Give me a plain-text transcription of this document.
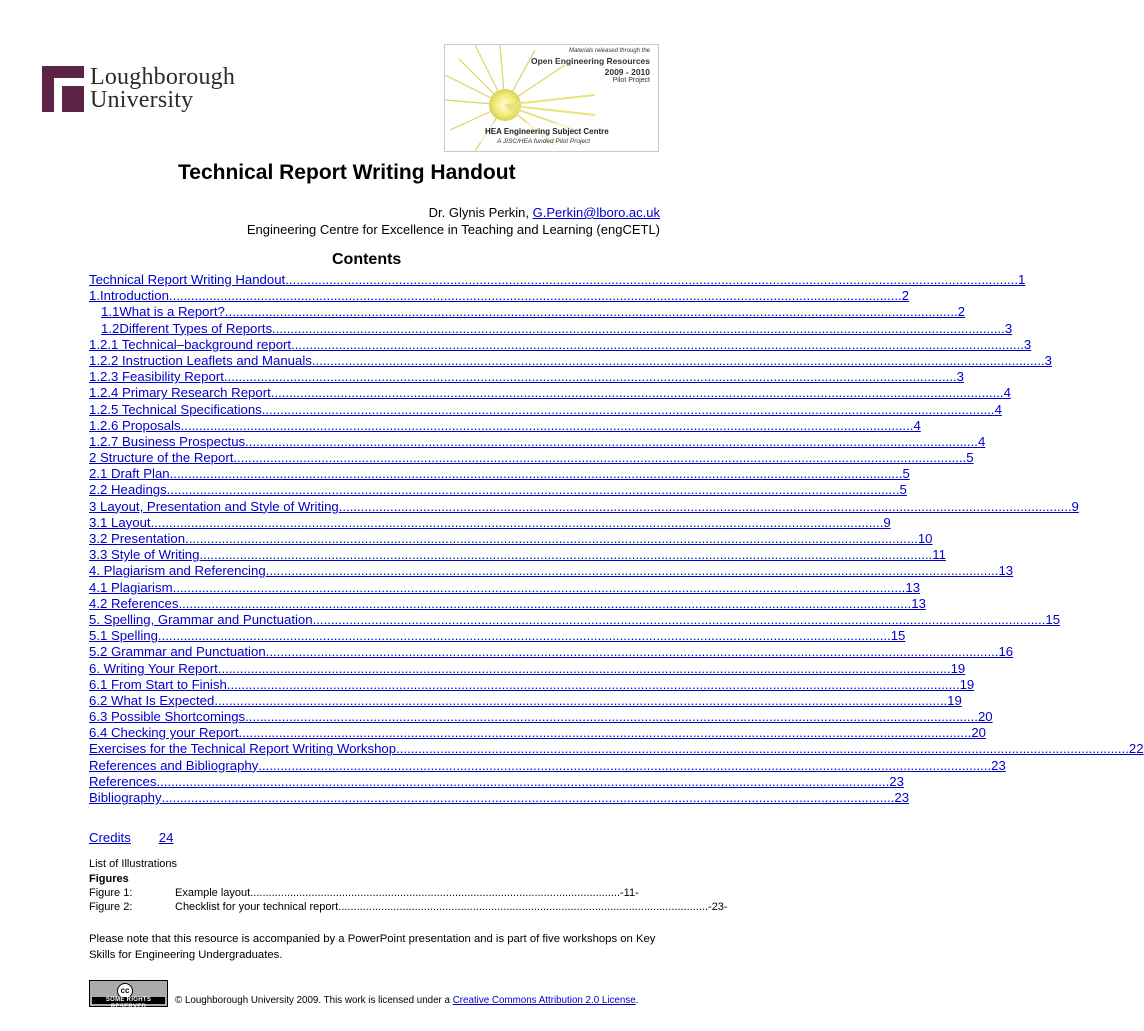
Loughborough
University
Materials released through the
Open Engineering Resources
2009 - 2010
Pilot Project
HEA Engineering Subject Centre
A JISC/HEA funded Pilot Project
Technical Report Writing Handout
Dr. Glynis Perkin, G.Perkin@lboro.ac.uk
Engineering Centre for Excellence in Teaching and Learning (engCETL)
Contents
Technical Report Writing Handout ........................................................................................................................................................................................................ 1
1.Introduction ........................................................................................................................................................................................................ 2
1.1What is a Report? ........................................................................................................................................................................................................ 2
1.2Different Types of Reports ........................................................................................................................................................................................................ 3
1.2.1 Technical–background report ........................................................................................................................................................................................................ 3
1.2.2 Instruction Leaflets and Manuals ........................................................................................................................................................................................................ 3
1.2.3 Feasibility Report ........................................................................................................................................................................................................ 3
1.2.4 Primary Research Report ........................................................................................................................................................................................................ 4
1.2.5 Technical Specifications ........................................................................................................................................................................................................ 4
1.2.6 Proposals ........................................................................................................................................................................................................ 4
1.2.7 Business Prospectus ........................................................................................................................................................................................................ 4
2 Structure of the Report ........................................................................................................................................................................................................ 5
2.1 Draft Plan ........................................................................................................................................................................................................ 5
2.2 Headings ........................................................................................................................................................................................................ 5
3 Layout, Presentation and Style of Writing ........................................................................................................................................................................................................ 9
3.1 Layout ........................................................................................................................................................................................................ 9
3.2 Presentation ........................................................................................................................................................................................................ 10
3.3 Style of Writing ........................................................................................................................................................................................................ 11
4. Plagiarism and Referencing ........................................................................................................................................................................................................ 13
4.1 Plagiarism ........................................................................................................................................................................................................ 13
4.2 References ........................................................................................................................................................................................................ 13
5. Spelling, Grammar and Punctuation ........................................................................................................................................................................................................ 15
5.1 Spelling ........................................................................................................................................................................................................ 15
5.2 Grammar and Punctuation ........................................................................................................................................................................................................ 16
6. Writing Your Report ........................................................................................................................................................................................................ 19
6.1 From Start to Finish ........................................................................................................................................................................................................ 19
6.2 What Is Expected ........................................................................................................................................................................................................ 19
6.3 Possible Shortcomings ........................................................................................................................................................................................................ 20
6.4 Checking your Report ........................................................................................................................................................................................................ 20
Exercises for the Technical Report Writing Workshop ........................................................................................................................................................................................................ 22
References and Bibliography ........................................................................................................................................................................................................ 23
References ........................................................................................................................................................................................................ 23
Bibliography ........................................................................................................................................................................................................ 23
Credits 24
List of Illustrations
Figures
Figure 1:	Example layout ......................................................................................................................... -11-
Figure 2:	Checklist for your technical report ......................................................................................................................... -23-
Please note that this resource is accompanied by a PowerPoint presentation and is part of five workshops on Key Skills for Engineering Undergraduates.
cc
SOME RIGHTS RESERVED
© Loughborough University 2009. This work is licensed under a Creative Commons Attribution 2.0 License.
